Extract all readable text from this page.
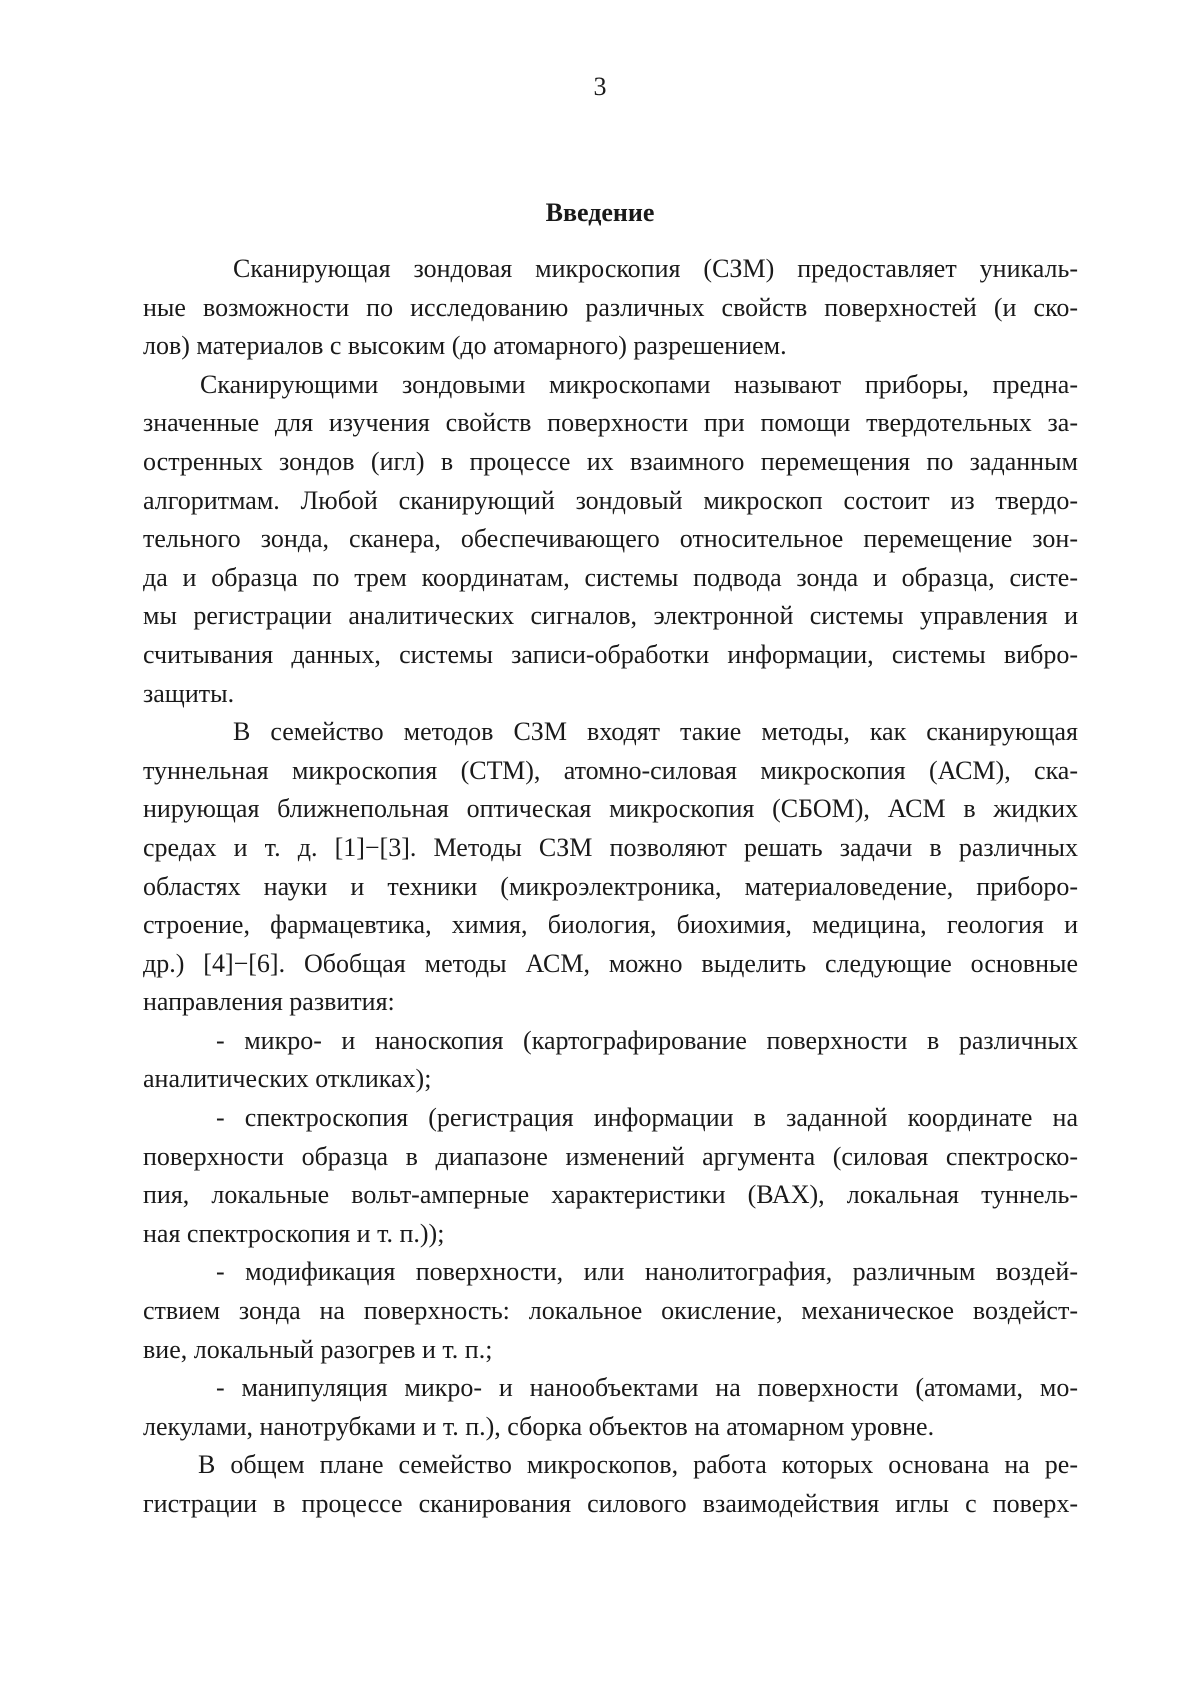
3
Введение
Сканирующая зондовая микроскопия (СЗМ) предоставляет уникаль-
ные возможности по исследованию различных свойств поверхностей (и ско-
лов) материалов с высоким (до атомарного) разрешением.
Сканирующими зондовыми микроскопами называют приборы, предна-
значенные для изучения свойств поверхности при помощи твердотельных за-
остренных зондов (игл) в процессе их взаимного перемещения по заданным
алгоритмам. Любой сканирующий зондовый микроскоп состоит из твердо-
тельного зонда, сканера, обеспечивающего относительное перемещение зон-
да и образца по трем координатам, системы подвода зонда и образца, систе-
мы регистрации аналитических сигналов, электронной системы управления и
считывания данных, системы записи-обработки информации, системы вибро-
защиты.
В семейство методов СЗМ входят такие методы, как сканирующая
туннельная микроскопия (СТМ), атомно-силовая микроскопия (АСМ), ска-
нирующая ближнепольная оптическая микроскопия (СБОМ), АСМ в жидких
средах и т. д. [1]−[3]. Методы СЗМ позволяют решать задачи в различных
областях науки и техники (микроэлектроника, материаловедение, приборо-
строение, фармацевтика, химия, биология, биохимия, медицина, геология и
др.) [4]−[6]. Обобщая методы АСМ, можно выделить следующие основные
направления развития:
- микро- и наноскопия (картографирование поверхности в различных
аналитических откликах);
- спектроскопия (регистрация информации в заданной координате на
поверхности образца в диапазоне изменений аргумента (силовая спектроско-
пия, локальные вольт-амперные характеристики (ВАХ), локальная туннель-
ная спектроскопия и т. п.));
- модификация поверхности, или нанолитография, различным воздей-
ствием зонда на поверхность: локальное окисление, механическое воздейст-
вие, локальный разогрев и т. п.;
- манипуляция микро- и нанообъектами на поверхности (атомами, мо-
лекулами, нанотрубками и т. п.), сборка объектов на атомарном уровне.
В общем плане семейство микроскопов, работа которых основана на ре-
гистрации в процессе сканирования силового взаимодействия иглы с поверх-
